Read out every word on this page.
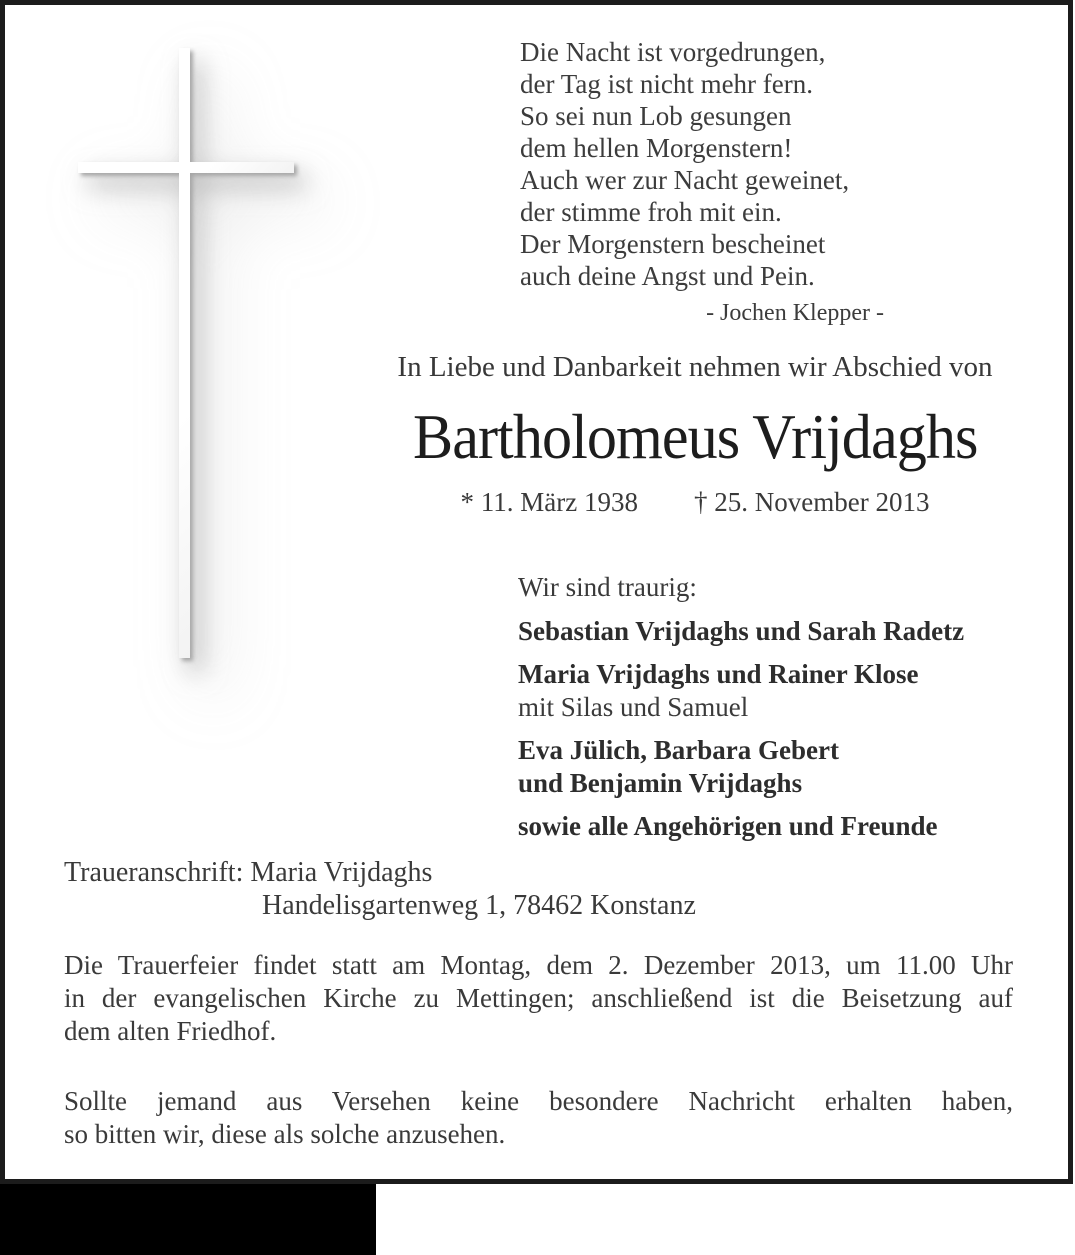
Die Nacht ist vorgedrungen,
der Tag ist nicht mehr fern.
So sei nun Lob gesungen
dem hellen Morgenstern!
Auch wer zur Nacht geweinet,
der stimme froh mit ein.
Der Morgenstern bescheinet
auch deine Angst und Pein.
- Jochen Klepper -
In Liebe und Danbarkeit nehmen wir Abschied von
Bartholomeus Vrijdaghs
* 11. März 1938 † 25. November 2013
Wir sind traurig:
Sebastian Vrijdaghs und Sarah Radetz
Maria Vrijdaghs und Rainer Klose
mit Silas und Samuel
Eva Jülich, Barbara Gebert
und Benjamin Vrijdaghs
sowie alle Angehörigen und Freunde
Traueranschrift: Maria Vrijdaghs
Handelisgartenweg 1, 78462 Konstanz
Die Trauerfeier findet statt am Montag, dem 2. Dezember 2013, um 11.00 Uhr
in der evangelischen Kirche zu Mettingen; anschließend ist die Beisetzung auf
dem alten Friedhof.
Sollte jemand aus Versehen keine besondere Nachricht erhalten haben,
so bitten wir, diese als solche anzusehen.
